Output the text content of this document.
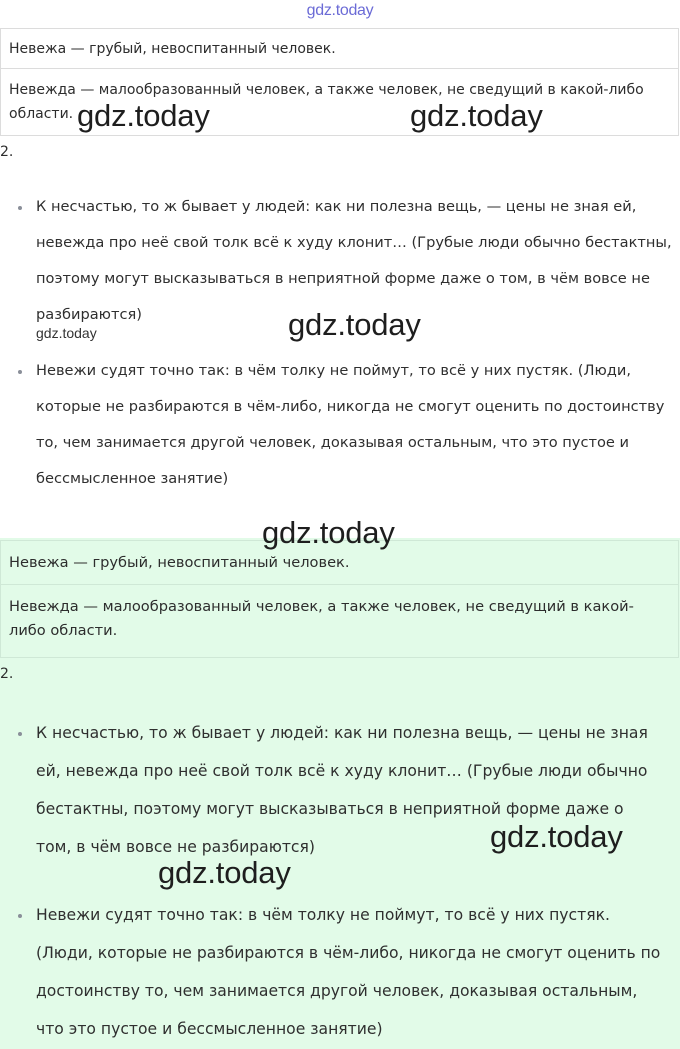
gdz.today
Невежа — грубый, невоспитанный человек.
Невежда — малообразованный человек, а также человек, не сведущий в какой-либо области.
2.
К несчастью, то ж бывает у людей: как ни полезна вещь, — цены не зная ей, невежда про неё свой толк всё к худу клонит… (Грубые люди обычно бестактны, поэтому могут высказываться в неприятной форме даже о том, в чём вовсе не разбираются)
Невежи судят точно так: в чём толку не поймут, то всё у них пустяк. (Люди, которые не разбираются в чём-либо, никогда не смогут оценить по достоинству то, чем занимается другой человек, доказывая остальным, что это пустое и бессмысленное занятие)
Невежа — грубый, невоспитанный человек.
Невежда — малообразованный человек, а также человек, не сведущий в какой-либо области.
2.
К несчастью, то ж бывает у людей: как ни полезна вещь, — цены не зная ей, невежда про неё свой толк всё к худу клонит… (Грубые люди обычно бестактны, поэтому могут высказываться в неприятной форме даже о том, в чём вовсе не разбираются)
Невежи судят точно так: в чём толку не поймут, то всё у них пустяк. (Люди, которые не разбираются в чём-либо, никогда не смогут оценить по достоинству то, чем занимается другой человек, доказывая остальным, что это пустое и бессмысленное занятие)
gdz.today	gdz.today
gdz.today
gdz.today
gdz.today
gdz.today
gdz.today
